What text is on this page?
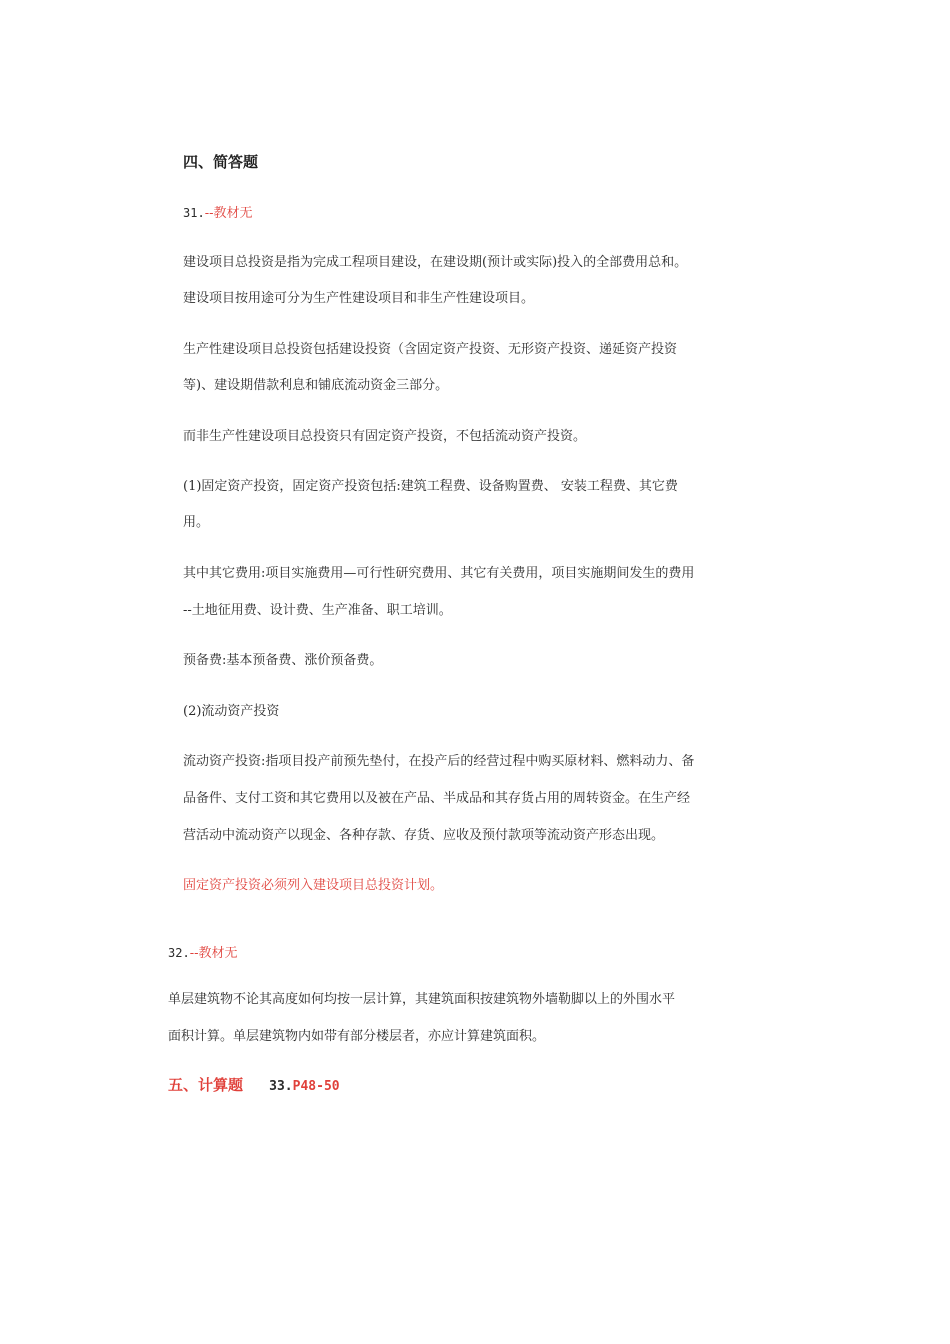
四、简答题

31.--教材无

建设项目总投资是指为完成工程项目建设，在建设期(预计或实际)投入的全部费用总和。

建设项目按用途可分为生产性建设项目和非生产性建设项目。

生产性建设项目总投资包括建设投资（含固定资产投资、无形资产投资、递延资产投资

等)、建设期借款利息和铺底流动资金三部分。

而非生产性建设项目总投资只有固定资产投资，不包括流动资产投资。

(1)固定资产投资，固定资产投资包括:建筑工程费、设备购置费、 安装工程费、其它费

用。

其中其它费用:项目实施费用—可行性研究费用、其它有关费用，项目实施期间发生的费用

--土地征用费、设计费、生产准备、职工培训。

预备费:基本预备费、涨价预备费。

(2)流动资产投资

流动资产投资:指项目投产前预先垫付，在投产后的经营过程中购买原材料、燃料动力、备

品备件、支付工资和其它费用以及被在产品、半成品和其存货占用的周转资金。在生产经

营活动中流动资产以现金、各种存款、存货、应收及预付款项等流动资产形态出现。

固定资产投资必须列入建设项目总投资计划。

32.--教材无

单层建筑物不论其高度如何均按一层计算，其建筑面积按建筑物外墙勒脚以上的外围水平

面积计算。单层建筑物内如带有部分楼层者，亦应计算建筑面积。

五、计算题 33.P48-50
